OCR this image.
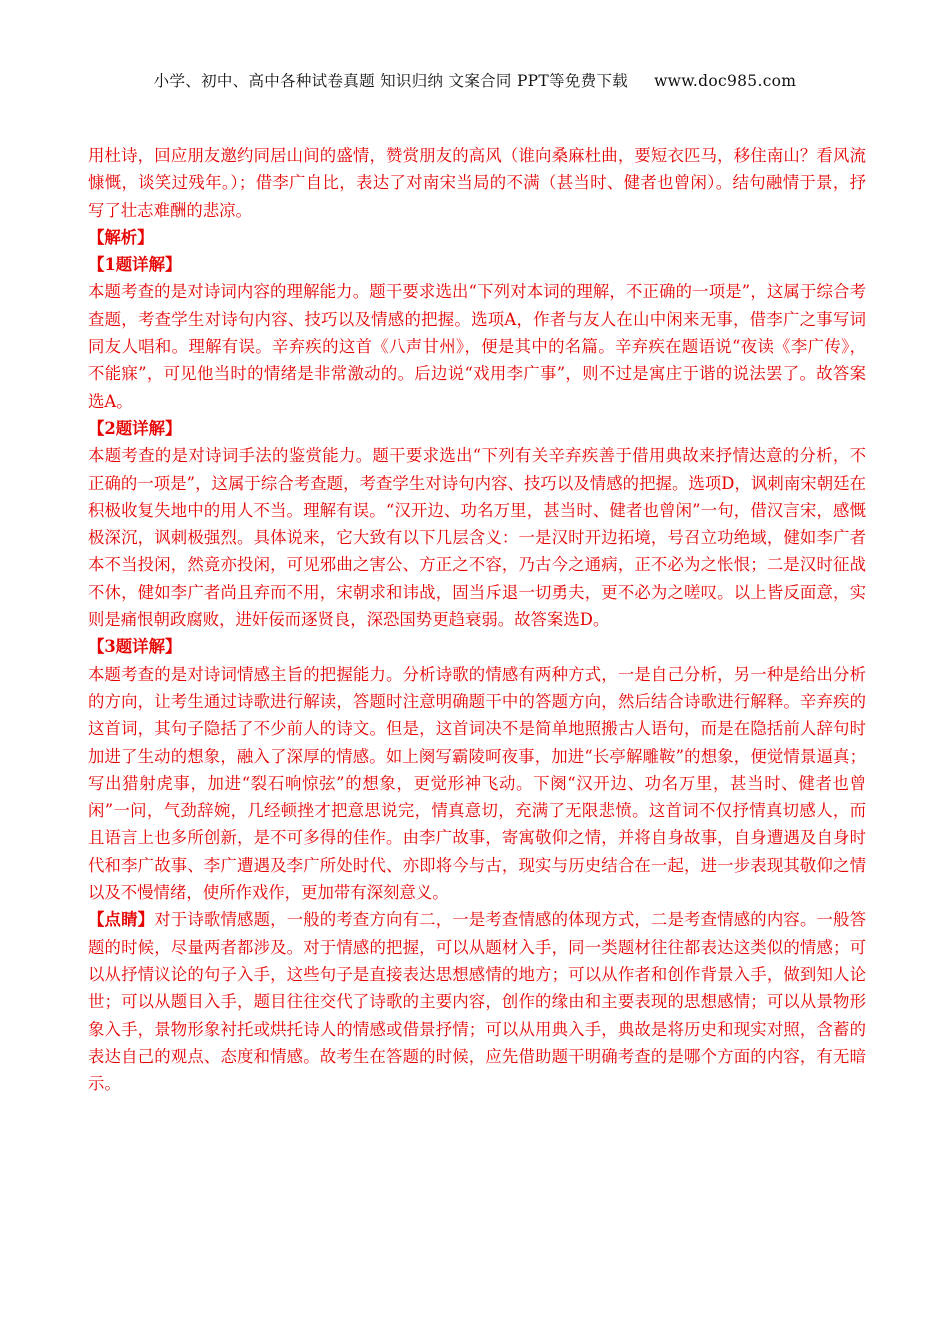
小学、初中、高中各种试卷真题 知识归纳 文案合同 PPT等免费下载 www.doc985.com

用杜诗，回应朋友邀约同居山间的盛情，赞赏朋友的高风（谁向桑麻杜曲，要短衣匹马，移住南山？看风流慷慨，谈笑过残年。）；借李广自比，表达了对南宋当局的不满（甚当时、健者也曾闲）。结句融情于景，抒写了壮志难酬的悲凉。

【解析】

【1题详解】

本题考查的是对诗词内容的理解能力。题干要求选出“下列对本词的理解，不正确的一项是”，这属于综合考查题，考查学生对诗句内容、技巧以及情感的把握。选项A，作者与友人在山中闲来无事，借李广之事写词同友人唱和。理解有误。辛弃疾的这首《八声甘州》，便是其中的名篇。辛弃疾在题语说“夜读《李广传》，不能寐”，可见他当时的情绪是非常激动的。后边说“戏用李广事”，则不过是寓庄于谐的说法罢了。故答案选A。

【2题详解】

本题考查的是对诗词手法的鉴赏能力。题干要求选出“下列有关辛弃疾善于借用典故来抒情达意的分析，不正确的一项是”，这属于综合考查题，考查学生对诗句内容、技巧以及情感的把握。选项D，讽刺南宋朝廷在积极收复失地中的用人不当。理解有误。“汉开边、功名万里，甚当时、健者也曾闲”一句，借汉言宋，感慨极深沉，讽刺极强烈。具体说来，它大致有以下几层含义：一是汉时开边拓境，号召立功绝域，健如李广者本不当投闲，然竟亦投闲，可见邪曲之害公、方正之不容，乃古今之通病，正不必为之怅恨；二是汉时征战不休，健如李广者尚且弃而不用，宋朝求和讳战，固当斥退一切勇夫，更不必为之嗟叹。以上皆反面意，实则是痛恨朝政腐败，进奸佞而逐贤良，深恐国势更趋衰弱。故答案选D。

【3题详解】

本题考查的是对诗词情感主旨的把握能力。分析诗歌的情感有两种方式，一是自己分析，另一种是给出分析的方向，让考生通过诗歌进行解读，答题时注意明确题干中的答题方向，然后结合诗歌进行解释。辛弃疾的这首词，其句子隐括了不少前人的诗文。但是，这首词决不是简单地照搬古人语句，而是在隐括前人辞句时加进了生动的想象，融入了深厚的情感。如上阕写霸陵呵夜事，加进“长亭解雕鞍”的想象，便觉情景逼真；写出猎射虎事，加进“裂石响惊弦”的想象，更觉形神飞动。下阕“汉开边、功名万里，甚当时、健者也曾闲”一问，气劲辞婉，几经顿挫才把意思说完，情真意切，充满了无限悲愤。这首词不仅抒情真切感人，而且语言上也多所创新，是不可多得的佳作。由李广故事，寄寓敬仰之情，并将自身故事，自身遭遇及自身时代和李广故事、李广遭遇及李广所处时代、亦即将今与古，现实与历史结合在一起，进一步表现其敬仰之情以及不慢情绪，使所作戏作，更加带有深刻意义。

【点睛】对于诗歌情感题，一般的考查方向有二，一是考查情感的体现方式，二是考查情感的内容。一般答题的时候，尽量两者都涉及。对于情感的把握，可以从题材入手，同一类题材往往都表达这类似的情感；可以从抒情议论的句子入手，这些句子是直接表达思想感情的地方；可以从作者和创作背景入手，做到知人论世；可以从题目入手，题目往往交代了诗歌的主要内容，创作的缘由和主要表现的思想感情；可以从景物形象入手，景物形象衬托或烘托诗人的情感或借景抒情；可以从用典入手，典故是将历史和现实对照，含蓄的表达自己的观点、态度和情感。故考生在答题的时候，应先借助题干明确考查的是哪个方面的内容，有无暗示。
